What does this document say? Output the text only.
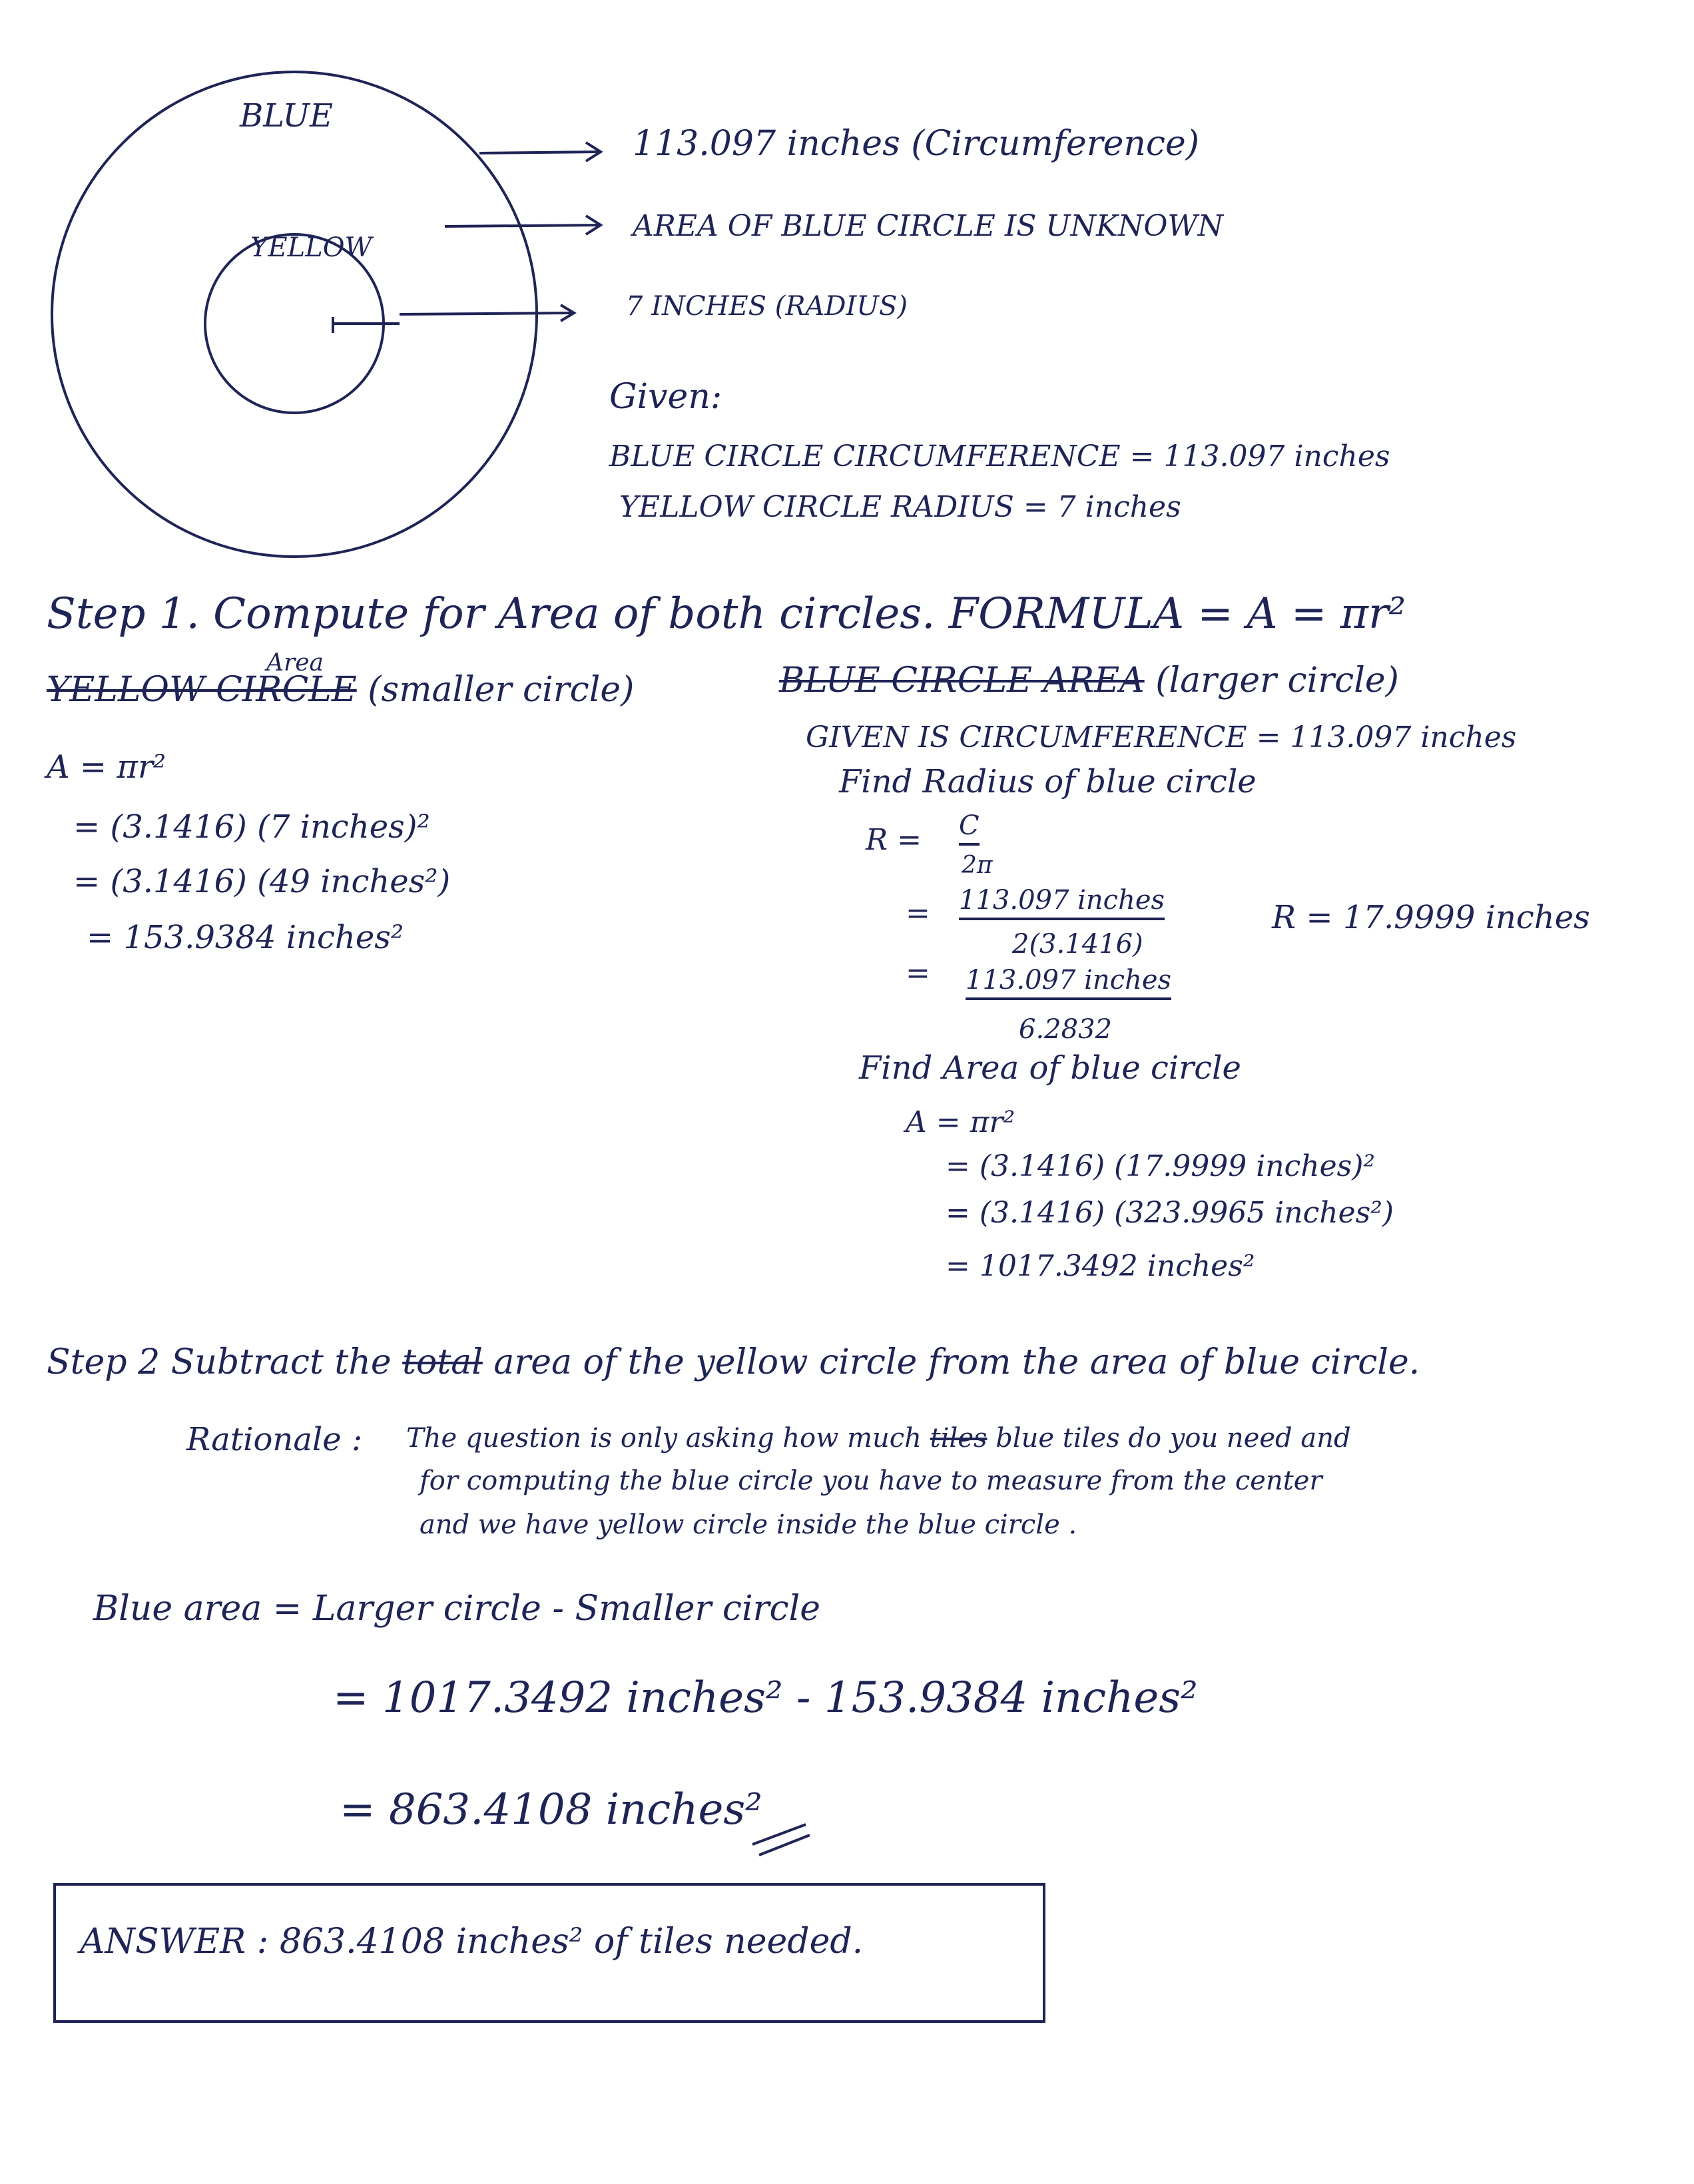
BLUE
YELLOW
113.097 inches (Circumference)
AREA OF BLUE CIRCLE IS UNKNOWN
7 INCHES (RADIUS)
Given:
BLUE CIRCLE CIRCUMFERENCE = 113.097 inches
YELLOW CIRCLE RADIUS = 7 inches
Step 1. Compute for Area of both circles. FORMULA = A = πr²
Area
YELLOW CIRCLE (smaller circle)
A = πr²
= (3.1416) (7 inches)²
= (3.1416) (49 inches²)
= 153.9384 inches²
BLUE CIRCLE AREA (larger circle)
GIVEN IS CIRCUMFERENCE = 113.097 inches
Find Radius of blue circle
R = C
2π
= 113.097 inches
2(3.1416)
R = 17.9999 inches
= 113.097 inches
6.2832
Find Area of blue circle
A = πr²
= (3.1416) (17.9999 inches)²
= (3.1416) (323.9965 inches²)
= 1017.3492 inches²
Step 2 Subtract the total area of the yellow circle from the area of blue circle.
Rationale : The question is only asking how much tiles blue tiles do you need and
for computing the blue circle you have to measure from the center
and we have yellow circle inside the blue circle .
Blue area = Larger circle - Smaller circle
= 1017.3492 inches² - 153.9384 inches²
= 863.4108 inches²
ANSWER : 863.4108 inches² of tiles needed.
